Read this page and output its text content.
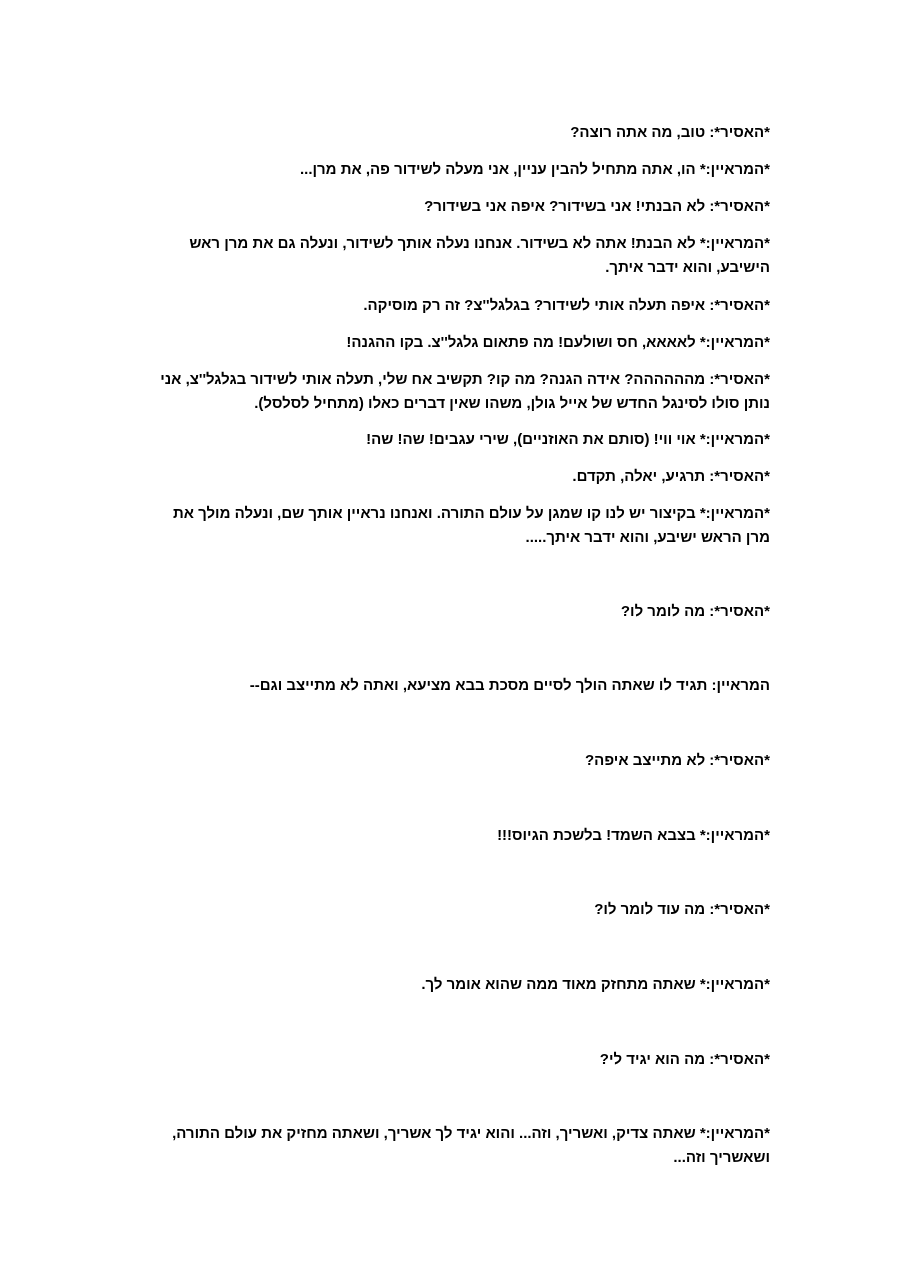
*האסיר*: טוב, מה אתה רוצה?

*המראיין:* הו, אתה מתחיל להבין עניין, אני מעלה לשידור פה, את מרן...

*האסיר*: לא הבנתי! אני בשידור? איפה אני בשידור?

*המראיין:* לא הבנת! אתה לא בשידור. אנחנו נעלה אותך לשידור, ונעלה גם את מרן ראש הישיבע, והוא ידבר איתך.

*האסיר*: איפה תעלה אותי לשידור? בגלגל''צ? זה רק מוסיקה.

*המראיין:* לאאאא, חס ושולעם! מה פתאום גלגל''צ. בקו ההגנה!

*האסיר*: מהההההה? אידה הגנה? מה קו? תקשיב אח שלי, תעלה אותי לשידור בגלגל''צ, אני נותן סולו לסינגל החדש של אייל גולן, משהו שאין דברים כאלו (מתחיל לסלסל).

*המראיין:* אוי ווי! (סותם את האוזניים), שירי עגבים! שה! שה!

*האסיר*: תרגיע, יאלה, תקדם.

*המראיין:* בקיצור יש לנו קו שמגן על עולם התורה. ואנחנו נראיין אותך שם, ונעלה מולך את מרן הראש ישיבע, והוא ידבר איתך.....

*האסיר*: מה לומר לו?

המראיין: תגיד לו שאתה הולך לסיים מסכת בבא מציעא, ואתה לא מתייצב וגם--

*האסיר*: לא מתייצב איפה?

*המראיין:* בצבא השמד! בלשכת הגיוס!!!

*האסיר*: מה עוד לומר לו?

*המראיין:* שאתה מתחזק מאוד ממה שהוא אומר לך.

*האסיר*: מה הוא יגיד לי?

*המראיין:* שאתה צדיק, ואשריך, וזה... והוא יגיד לך אשריך, ושאתה מחזיק את עולם התורה, ושאשריך וזה...
